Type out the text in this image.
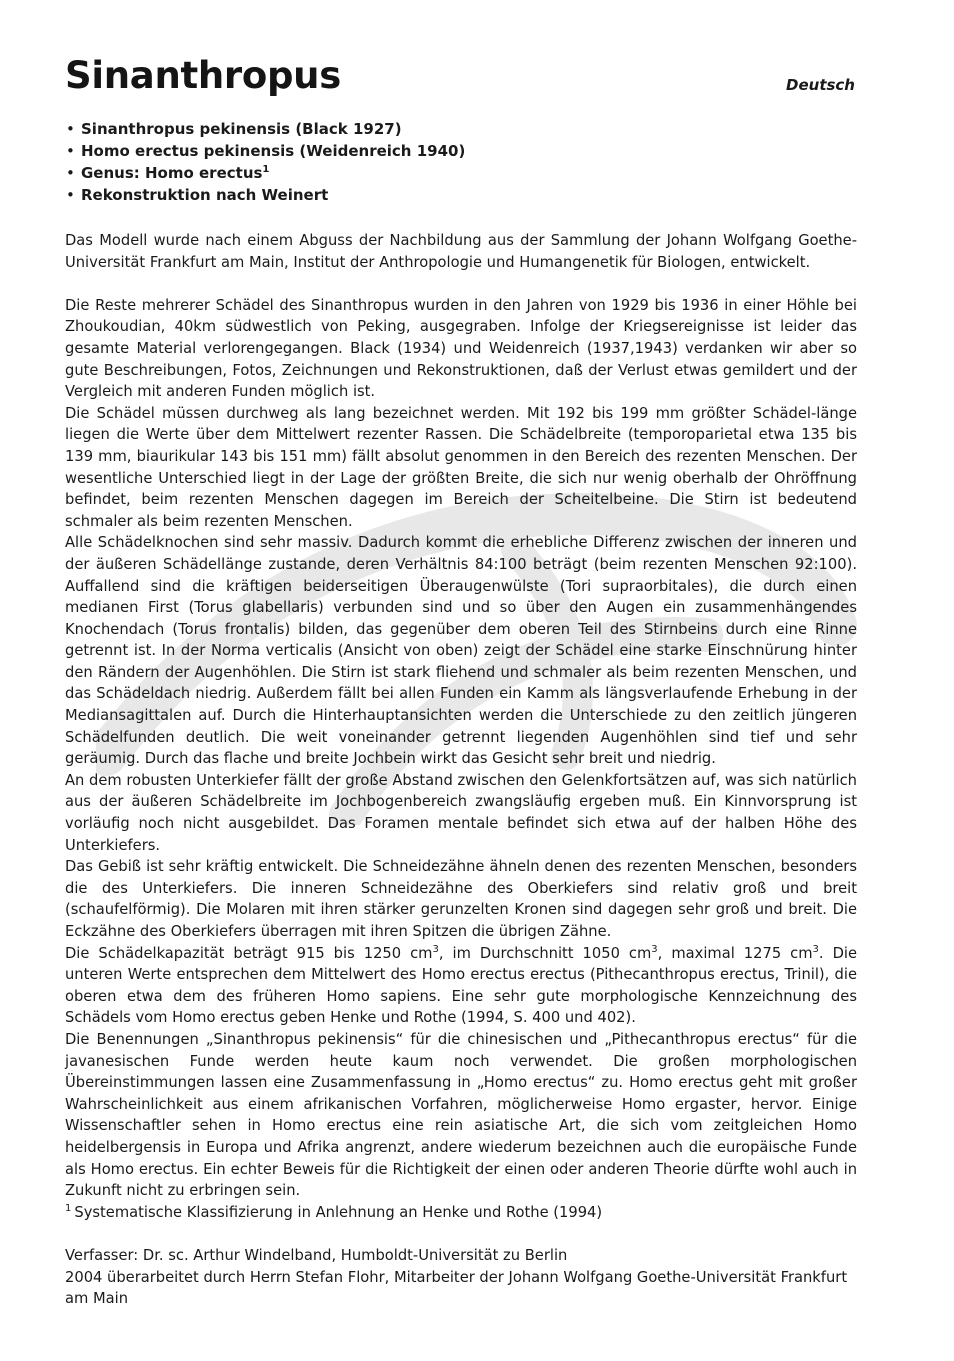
Sinanthropus	Deutsch
• Sinanthropus pekinensis (Black 1927)
• Homo erectus pekinensis (Weidenreich 1940)
• Genus: Homo erectus$^1$
• Rekonstruktion nach Weinert

Das Modell wurde nach einem Abguss der Nachbildung aus der Sammlung der Johann Wolfgang Goethe-Universität Frankfurt am Main, Institut der Anthropologie und Humangenetik für Biologen, entwickelt.

Die Reste mehrerer Schädel des Sinanthropus wurden in den Jahren von 1929 bis 1936 in einer Höhle bei Zhoukoudian, 40km südwestlich von Peking, ausgegraben. Infolge der Kriegsereignisse ist leider das gesamte Material verlorengegangen. Black (1934) und Weidenreich (1937,1943) verdanken wir aber so gute Beschreibungen, Fotos, Zeichnungen und Rekonstruktionen, daß der Verlust etwas gemildert und der Vergleich mit anderen Funden möglich ist.

Die Schädel müssen durchweg als lang bezeichnet werden. Mit 192 bis 199 mm größter Schädel-länge liegen die Werte über dem Mittelwert rezenter Rassen. Die Schädelbreite (temporoparietal etwa 135 bis 139 mm, biaurikular 143 bis 151 mm) fällt absolut genommen in den Bereich des rezenten Menschen. Der wesentliche Unterschied liegt in der Lage der größten Breite, die sich nur wenig oberhalb der Ohröffnung befindet, beim rezenten Menschen dagegen im Bereich der Scheitelbeine. Die Stirn ist bedeutend schmaler als beim rezenten Menschen.

Alle Schädelknochen sind sehr massiv. Dadurch kommt die erhebliche Differenz zwischen der inneren und der äußeren Schädellänge zustande, deren Verhältnis 84:100 beträgt (beim rezenten Menschen 92:100). Auffallend sind die kräftigen beiderseitigen Überaugenwülste (Tori supraorbitales), die durch einen medianen First (Torus glabellaris) verbunden sind und so über den Augen ein zusammenhängendes Knochendach (Torus frontalis) bilden, das gegenüber dem oberen Teil des Stirnbeins durch eine Rinne getrennt ist. In der Norma verticalis (Ansicht von oben) zeigt der Schädel eine starke Einschnürung hinter den Rändern der Augenhöhlen. Die Stirn ist stark fliehend und schmaler als beim rezenten Menschen, und das Schädeldach niedrig. Außerdem fällt bei allen Funden ein Kamm als längsverlaufende Erhebung in der Mediansagittalen auf. Durch die Hinterhauptansichten werden die Unterschiede zu den zeitlich jüngeren Schädelfunden deutlich. Die weit voneinander getrennt liegenden Augenhöhlen sind tief und sehr geräumig. Durch das flache und breite Jochbein wirkt das Gesicht sehr breit und niedrig.

An dem robusten Unterkiefer fällt der große Abstand zwischen den Gelenkfortsätzen auf, was sich natürlich aus der äußeren Schädelbreite im Jochbogenbereich zwangsläufig ergeben muß. Ein Kinnvorsprung ist vorläufig noch nicht ausgebildet. Das Foramen mentale befindet sich etwa auf der halben Höhe des Unterkiefers.

Das Gebiß ist sehr kräftig entwickelt. Die Schneidezähne ähneln denen des rezenten Menschen, besonders die des Unterkiefers. Die inneren Schneidezähne des Oberkiefers sind relativ groß und breit (schaufelförmig). Die Molaren mit ihren stärker gerunzelten Kronen sind dagegen sehr groß und breit. Die Eckzähne des Oberkiefers überragen mit ihren Spitzen die übrigen Zähne.

Die Schädelkapazität beträgt 915 bis 1250 $cm^3$, im Durchschnitt 1050 $cm^3$, maximal 1275 $cm^3$. Die unteren Werte entsprechen dem Mittelwert des Homo erectus erectus (Pithecanthropus erectus, Trinil), die oberen etwa dem des früheren Homo sapiens. Eine sehr gute morphologische Kennzeichnung des Schädels vom Homo erectus geben Henke und Rothe (1994, S. 400 und 402).

Die Benennungen „Sinanthropus pekinensis“ für die chinesischen und „Pithecanthropus erectus“ für die javanesischen Funde werden heute kaum noch verwendet. Die großen morphologischen Übereinstimmungen lassen eine Zusammenfassung in „Homo erectus“ zu. Homo erectus geht mit großer Wahrscheinlichkeit aus einem afrikanischen Vorfahren, möglicherweise Homo ergaster, hervor. Einige Wissenschaftler sehen in Homo erectus eine rein asiatische Art, die sich vom zeitgleichen Homo heidelbergensis in Europa und Afrika angrenzt, andere wiederum bezeichnen auch die europäische Funde als Homo erectus. Ein echter Beweis für die Richtigkeit der einen oder anderen Theorie dürfte wohl auch in Zukunft nicht zu erbringen sein.

$^1$ Systematische Klassifizierung in Anlehnung an Henke und Rothe (1994)

Verfasser: Dr. sc. Arthur Windelband, Humboldt-Universität zu Berlin

2004 überarbeitet durch Herrn Stefan Flohr, Mitarbeiter der Johann Wolfgang Goethe-Universität Frankfurt am Main
